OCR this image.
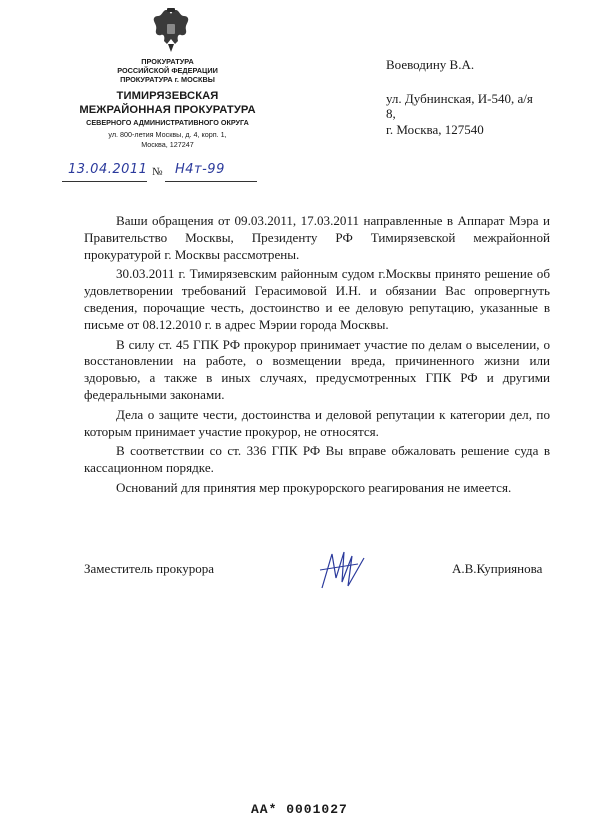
ПРОКУРАТУРА
РОССИЙСКОЙ ФЕДЕРАЦИИ
ПРОКУРАТУРА г. МОСКВЫ
ТИМИРЯЗЕВСКАЯ
МЕЖРАЙОННАЯ ПРОКУРАТУРА
СЕВЕРНОГО АДМИНИСТРАТИВНОГО ОКРУГА
ул. 800-летия Москвы, д. 4, корп. 1,
Москва, 127247
Воеводину В.А.
ул. Дубнинская, И-540, а/я
8,
г. Москва, 127540
13.04.2011 № Н4т-99

Ваши обращения от 09.03.2011, 17.03.2011 направленные в Аппарат Мэра и Правительство Москвы, Президенту РФ Тимирязевской межрайонной прокуратурой г. Москвы рассмотрены.

30.03.2011 г. Тимирязевским районным судом г.Москвы принято решение об удовлетворении требований Герасимовой И.Н. и обязании Вас опровергнуть сведения, порочащие честь, достоинство и ее деловую репутацию, указанные в письме от 08.12.2010 г. в адрес Мэрии города Москвы.

В силу ст. 45 ГПК РФ прокурор принимает участие по делам о выселении, о восстановлении на работе, о возмещении вреда, причиненного жизни или здоровью, а также в иных случаях, предусмотренных ГПК РФ и другими федеральными законами.

Дела о защите чести, достоинства и деловой репутации к категории дел, по которым принимает участие прокурор, не относятся.

В соответствии со ст. 336 ГПК РФ Вы вправе обжаловать решение суда в кассационном порядке.

Оснований для принятия мер прокурорского реагирования не имеется.

Заместитель прокурора	А.В.Куприянова
АА* 0001027
